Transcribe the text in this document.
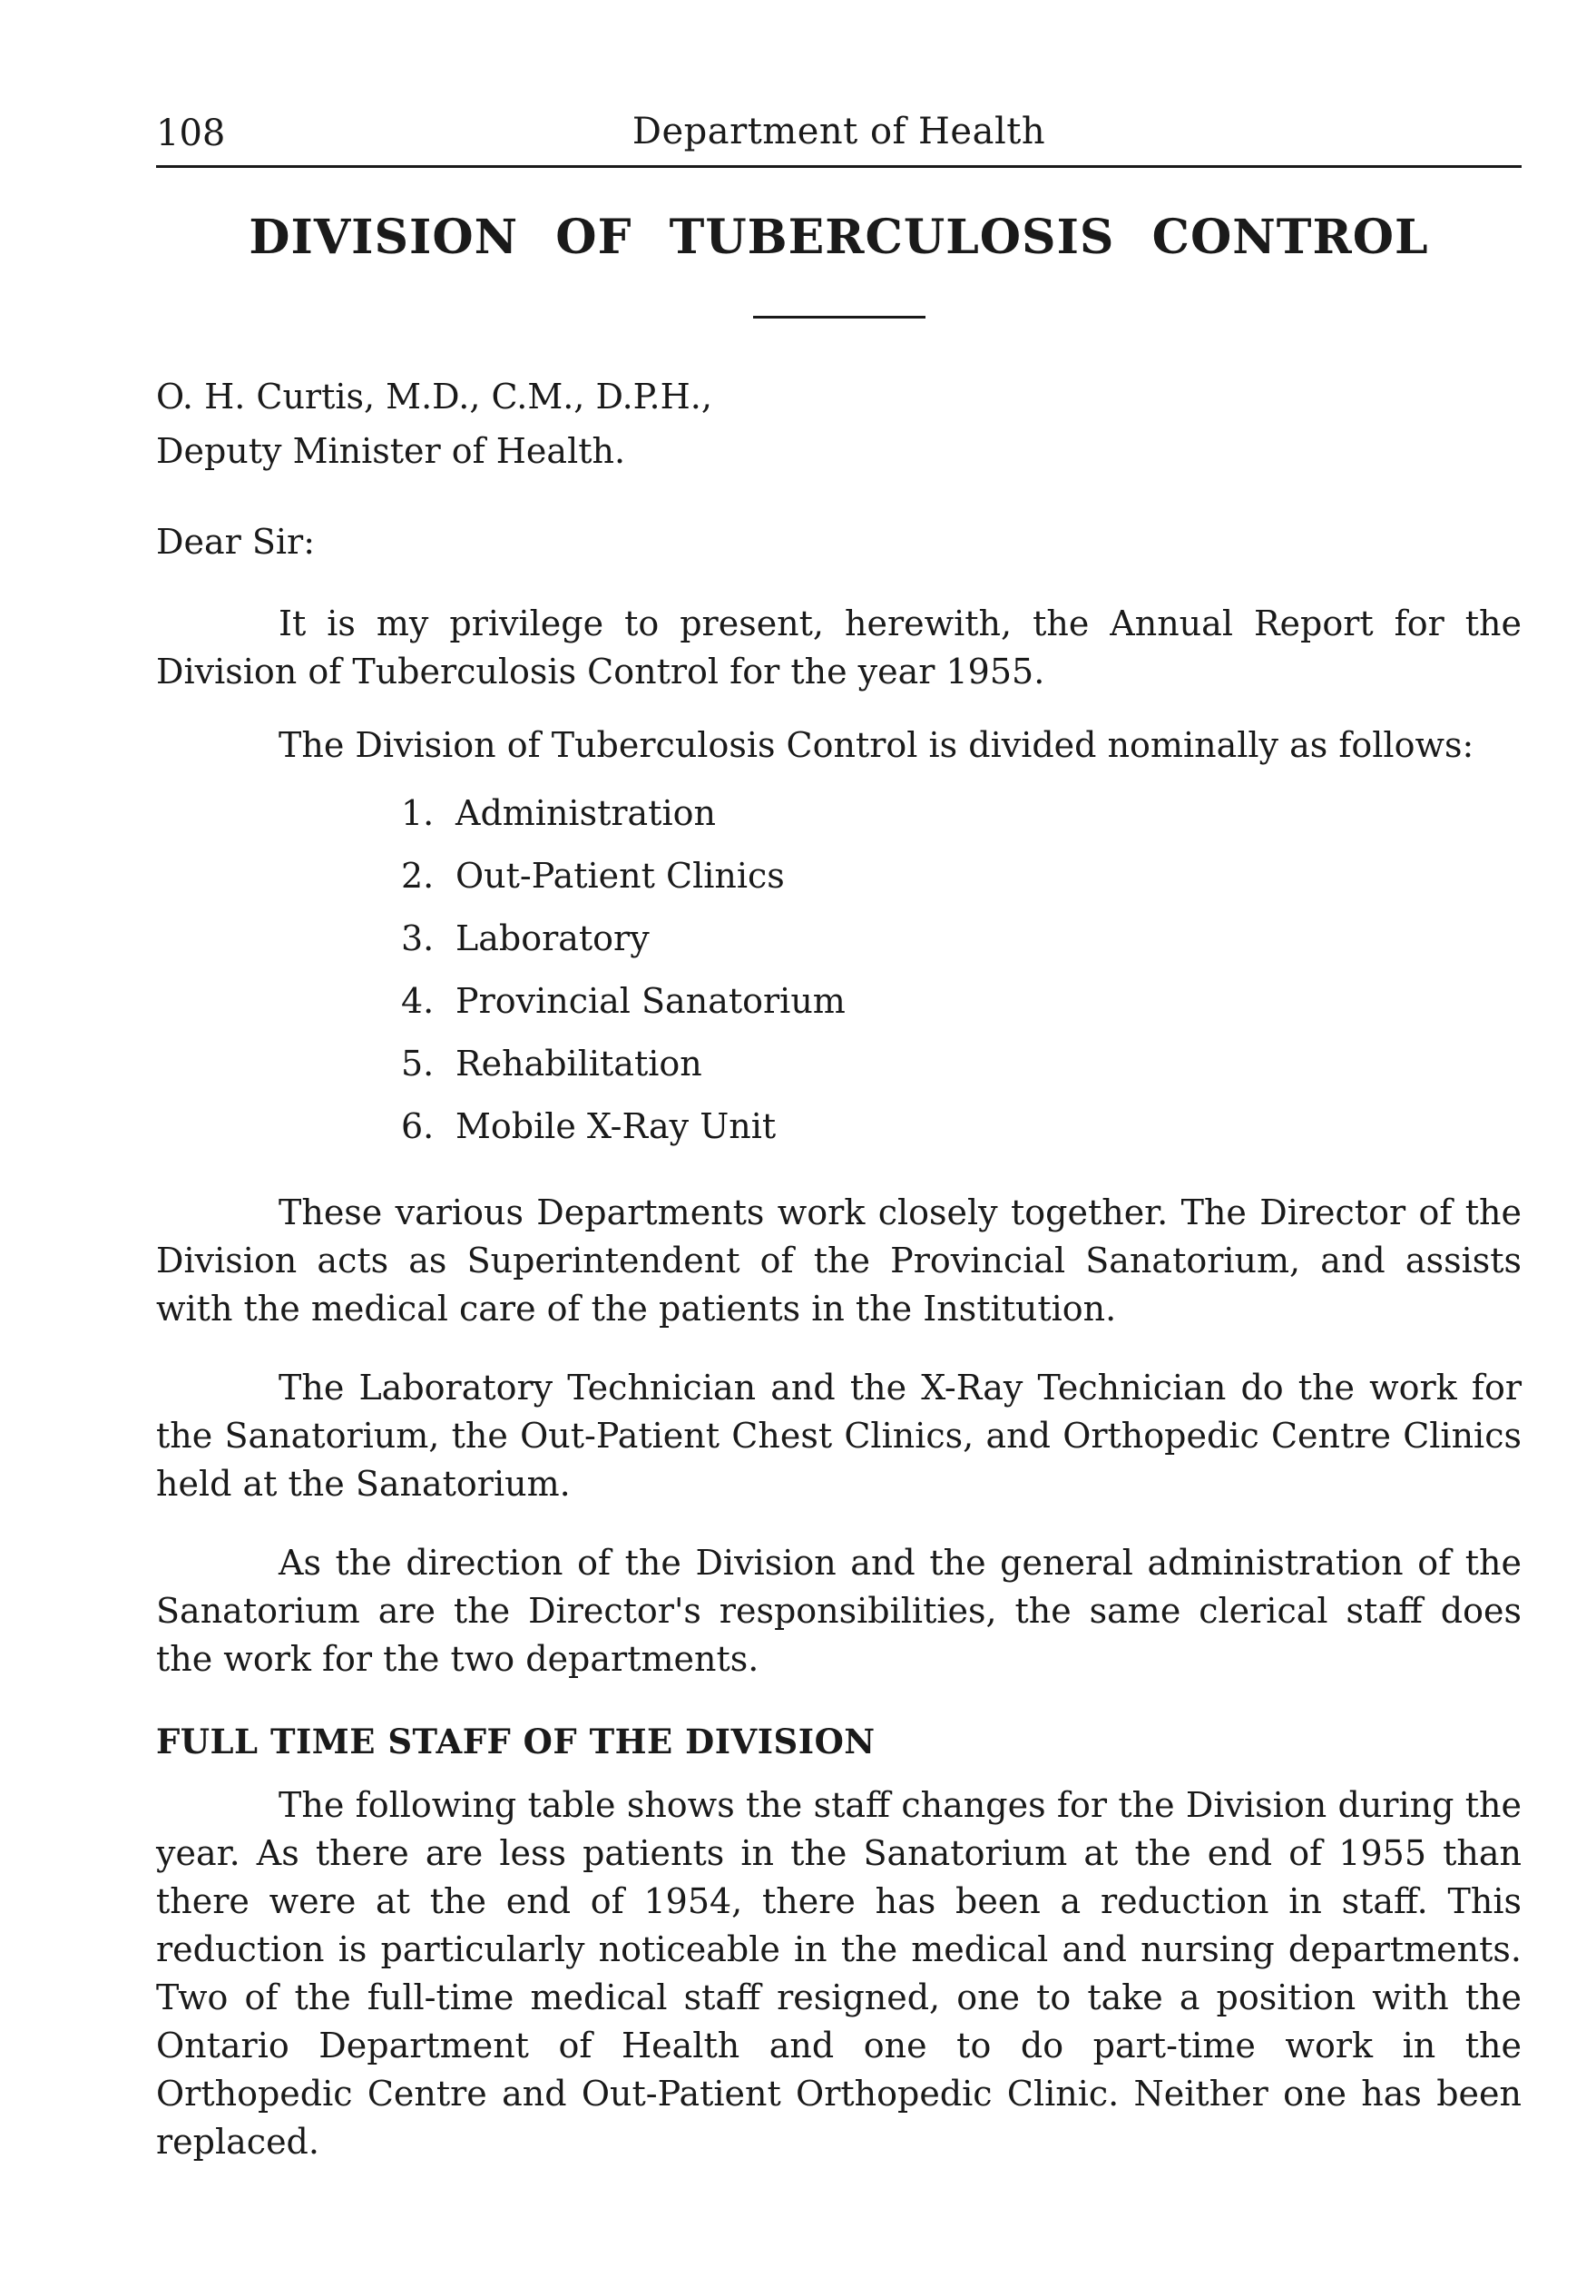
108	Department of Health
DIVISION OF TUBERCULOSIS CONTROL
O. H. Curtis, M.D., C.M., D.P.H.,
Deputy Minister of Health.
Dear Sir:

It is my privilege to present, herewith, the Annual Report for the Division of Tuberculosis Control for the year 1955.

The Division of Tuberculosis Control is divided nominally as follows:

1. Administration
2. Out-Patient Clinics
3. Laboratory
4. Provincial Sanatorium
5. Rehabilitation
6. Mobile X-Ray Unit

These various Departments work closely together. The Director of the Division acts as Superintendent of the Provincial Sanatorium, and assists with the medical care of the patients in the Institution.

The Laboratory Technician and the X-Ray Technician do the work for the Sanatorium, the Out-Patient Chest Clinics, and Orthopedic Centre Clinics held at the Sanatorium.

As the direction of the Division and the general administration of the Sanatorium are the Director's responsibilities, the same clerical staff does the work for the two departments.

FULL TIME STAFF OF THE DIVISION

The following table shows the staff changes for the Division during the year. As there are less patients in the Sanatorium at the end of 1955 than there were at the end of 1954, there has been a reduction in staff. This reduction is particularly noticeable in the medical and nursing departments. Two of the full-time medical staff resigned, one to take a position with the Ontario Department of Health and one to do part-time work in the Orthopedic Centre and Out-Patient Orthopedic Clinic. Neither one has been replaced.
